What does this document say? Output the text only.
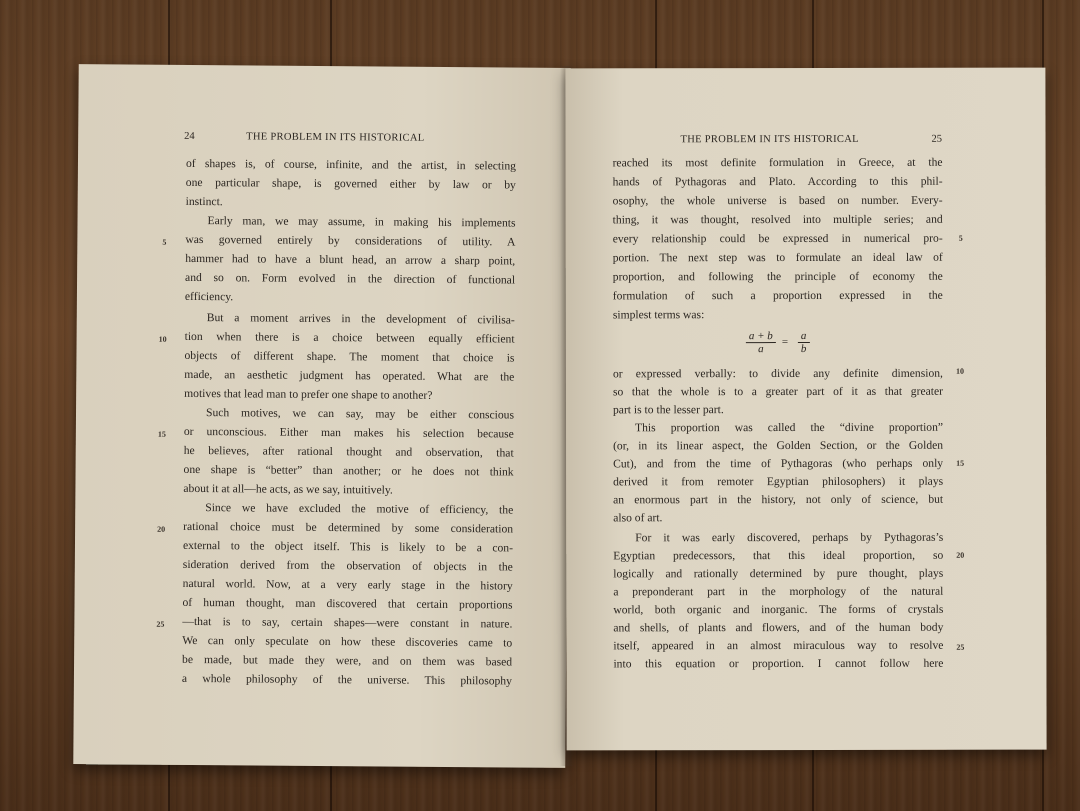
24	THE PROBLEM IN ITS HISTORICAL
of shapes is, of course, infinite, and the artist, in selecting
one particular shape, is governed either by law or by
instinct.
Early man, we may assume, in making his implements
was governed entirely by considerations of utility. A
hammer had to have a blunt head, an arrow a sharp point,
and so on. Form evolved in the direction of functional
efficiency.
But a moment arrives in the development of civilisa-
tion when there is a choice between equally efficient
objects of different shape. The moment that choice is
made, an aesthetic judgment has operated. What are the
motives that lead man to prefer one shape to another?
Such motives, we can say, may be either conscious
or unconscious. Either man makes his selection because
he believes, after rational thought and observation, that
one shape is “better” than another; or he does not think
about it at all—he acts, as we say, intuitively.
Since we have excluded the motive of efficiency, the
rational choice must be determined by some consideration
external to the object itself. This is likely to be a con-
sideration derived from the observation of objects in the
natural world. Now, at a very early stage in the history
of human thought, man discovered that certain proportions
—that is to say, certain shapes—were constant in nature.
We can only speculate on how these discoveries came to
be made, but made they were, and on them was based
a whole philosophy of the universe. This philosophy
5
10
15
20
25
THE PROBLEM IN ITS HISTORICAL	25
reached its most definite formulation in Greece, at the
hands of Pythagoras and Plato. According to this phil-
osophy, the whole universe is based on number. Every-
thing, it was thought, resolved into multiple series; and
every relationship could be expressed in numerical pro-
portion. The next step was to formulate an ideal law of
proportion, and following the principle of economy the
formulation of such a proportion expressed in the
simplest terms was:
$\frac{a + b}{a} = \frac{a}{b}$
or expressed verbally: to divide any definite dimension,
so that the whole is to a greater part of it as that greater
part is to the lesser part.
This proportion was called the “divine proportion”
(or, in its linear aspect, the Golden Section, or the Golden
Cut), and from the time of Pythagoras (who perhaps only
derived it from remoter Egyptian philosophers) it plays
an enormous part in the history, not only of science, but
also of art.
For it was early discovered, perhaps by Pythagoras’s
Egyptian predecessors, that this ideal proportion, so
logically and rationally determined by pure thought, plays
a preponderant part in the morphology of the natural
world, both organic and inorganic. The forms of crystals
and shells, of plants and flowers, and of the human body
itself, appeared in an almost miraculous way to resolve
into this equation or proportion. I cannot follow here
5
10
15
20
25
